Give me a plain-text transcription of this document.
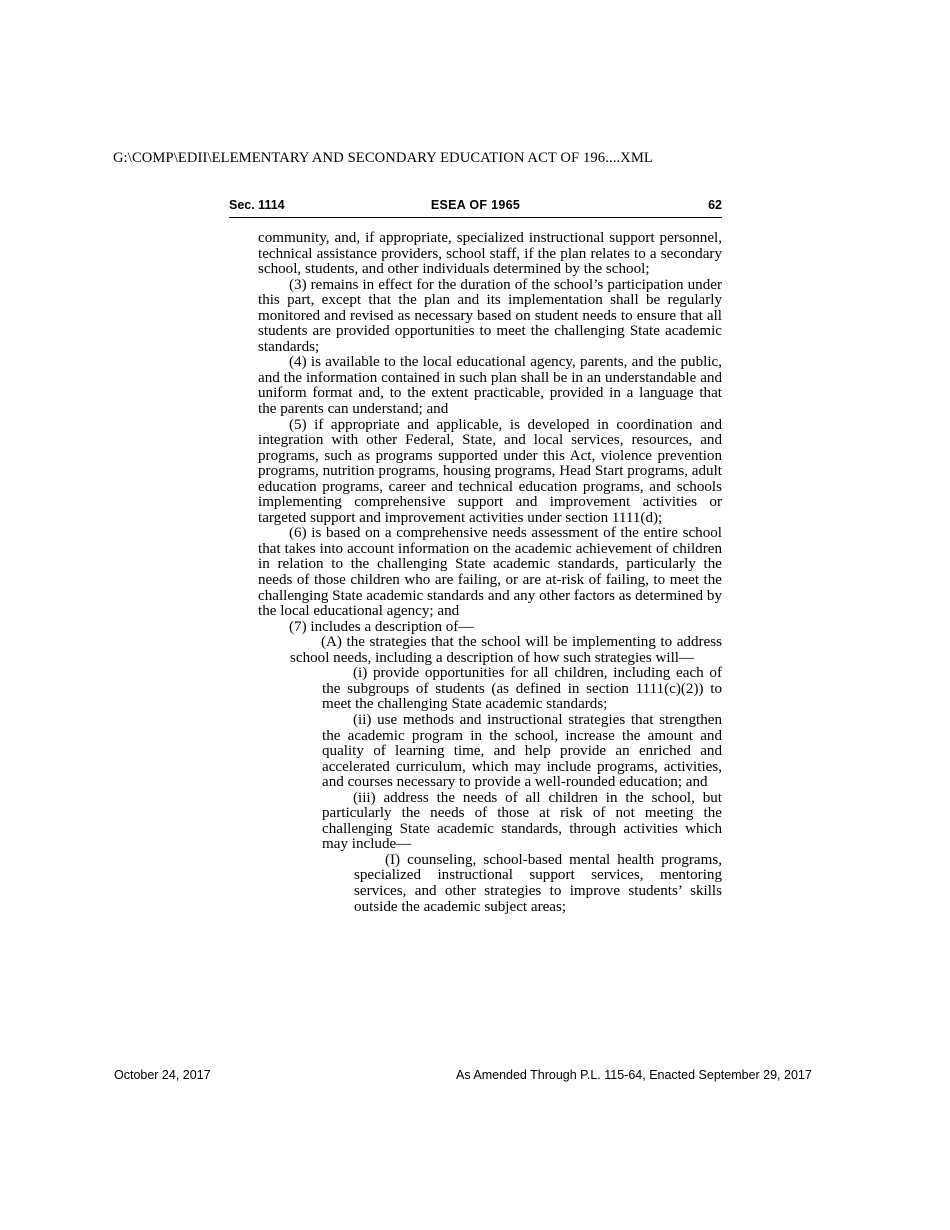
G:\COMP\EDII\ELEMENTARY AND SECONDARY EDUCATION ACT OF 196....XML
Sec. 1114	ESEA OF 1965	62

community, and, if appropriate, specialized instructional support personnel, technical assistance providers, school staff, if the plan relates to a secondary school, students, and other individuals determined by the school;

(3) remains in effect for the duration of the school’s participation under this part, except that the plan and its implementation shall be regularly monitored and revised as necessary based on student needs to ensure that all students are provided opportunities to meet the challenging State academic standards;

(4) is available to the local educational agency, parents, and the public, and the information contained in such plan shall be in an understandable and uniform format and, to the extent practicable, provided in a language that the parents can understand; and

(5) if appropriate and applicable, is developed in coordination and integration with other Federal, State, and local services, resources, and programs, such as programs supported under this Act, violence prevention programs, nutrition programs, housing programs, Head Start programs, adult education programs, career and technical education programs, and schools implementing comprehensive support and improvement activities or targeted support and improvement activities under section 1111(d);

(6) is based on a comprehensive needs assessment of the entire school that takes into account information on the academic achievement of children in relation to the challenging State academic standards, particularly the needs of those children who are failing, or are at-risk of failing, to meet the challenging State academic standards and any other factors as determined by the local educational agency; and

(7) includes a description of—

(A) the strategies that the school will be implementing to address school needs, including a description of how such strategies will—

(i) provide opportunities for all children, including each of the subgroups of students (as defined in section 1111(c)(2)) to meet the challenging State academic standards;

(ii) use methods and instructional strategies that strengthen the academic program in the school, increase the amount and quality of learning time, and help provide an enriched and accelerated curriculum, which may include programs, activities, and courses necessary to provide a well-rounded education; and

(iii) address the needs of all children in the school, but particularly the needs of those at risk of not meeting the challenging State academic standards, through activities which may include—

(I) counseling, school-based mental health programs, specialized instructional support services, mentoring services, and other strategies to improve students’ skills outside the academic subject areas;

October 24, 2017	As Amended Through P.L. 115-64, Enacted September 29, 2017
